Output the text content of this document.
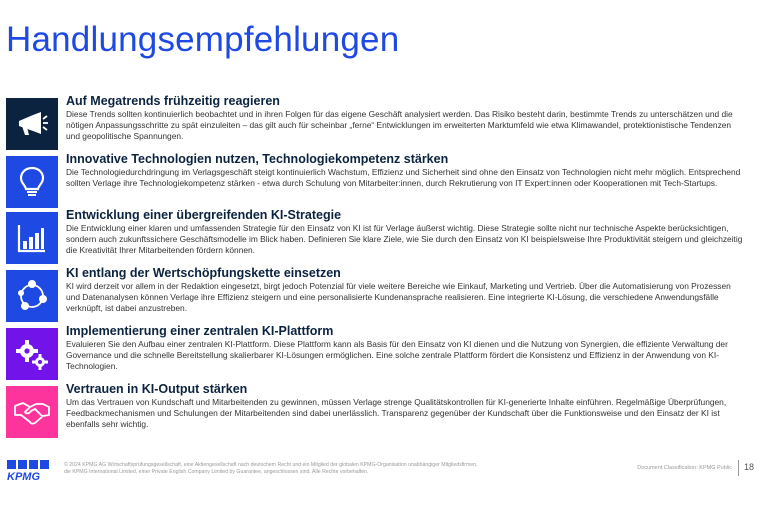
Handlungsempfehlungen
Auf Megatrends frühzeitig reagieren
Diese Trends sollten kontinuierlich beobachtet und in ihren Folgen für das eigene Geschäft analysiert werden. Das Risiko besteht darin, bestimmte Trends zu unterschätzen und die nötigen Anpassungsschritte zu spät einzuleiten – das gilt auch für scheinbar „ferne“ Entwicklungen im erweiterten Marktumfeld wie etwa Klimawandel, protektionistische Tendenzen und geopolitische Spannungen.
Innovative Technologien nutzen, Technologiekompetenz stärken
Die Technologiedurchdringung im Verlagsgeschäft steigt kontinuierlich Wachstum, Effizienz und Sicherheit sind ohne den Einsatz von Technologien nicht mehr möglich. Entsprechend sollten Verlage ihre Technologiekompetenz stärken - etwa durch Schulung von Mitarbeiter:innen, durch Rekrutierung von IT Expert:innen oder Kooperationen mit Tech-Startups.
Entwicklung einer übergreifenden KI-Strategie
Die Entwicklung einer klaren und umfassenden Strategie für den Einsatz von KI ist für Verlage äußerst wichtig. Diese Strategie sollte nicht nur technische Aspekte berücksichtigen, sondern auch zukunftssichere Geschäftsmodelle im Blick haben. Definieren Sie klare Ziele, wie Sie durch den Einsatz von KI beispielsweise Ihre Produktivität steigern und gleichzeitig die Kreativität Ihrer Mitarbeitenden fördern können.
KI entlang der Wertschöpfungskette einsetzen
KI wird derzeit vor allem in der Redaktion eingesetzt, birgt jedoch Potenzial für viele weitere Bereiche wie Einkauf, Marketing und Vertrieb. Über die Automatisierung von Prozessen und Datenanalysen können Verlage ihre Effizienz steigern und eine personalisierte Kundenansprache realisieren. Eine integrierte KI-Lösung, die verschiedene Anwendungsfälle verknüpft, ist dabei anzustreben.
Implementierung einer zentralen KI-Plattform
Evaluieren Sie den Aufbau einer zentralen KI-Plattform. Diese Plattform kann als Basis für den Einsatz von KI dienen und die Nutzung von Synergien, die effiziente Verwaltung der Governance und die schnelle Bereitstellung skalierbarer KI-Lösungen ermöglichen. Eine solche zentrale Plattform fördert die Konsistenz und Effizienz in der Anwendung von KI-Technologien.
Vertrauen in KI-Output stärken
Um das Vertrauen von Kundschaft und Mitarbeitenden zu gewinnen, müssen Verlage strenge Qualitätskontrollen für KI-generierte Inhalte einführen. Regelmäßige Überprüfungen, Feedbackmechanismen und Schulungen der Mitarbeitenden sind dabei unerlässlich. Transparenz gegenüber der Kundschaft über die Funktionsweise und den Einsatz der KI ist ebenfalls sehr wichtig.
KPMG
© 2024 KPMG AG Wirtschaftsprüfungsgesellschaft, eine Aktiengesellschaft nach deutschem Recht und ein Mitglied der globalen KPMG-Organisation unabhängiger Mitgliedsfirmen, die KPMG International Limited, einer Private English Company Limited by Guarantee, angeschlossen sind. Alle Rechte vorbehalten.
Document Classification: KPMG Public 18
